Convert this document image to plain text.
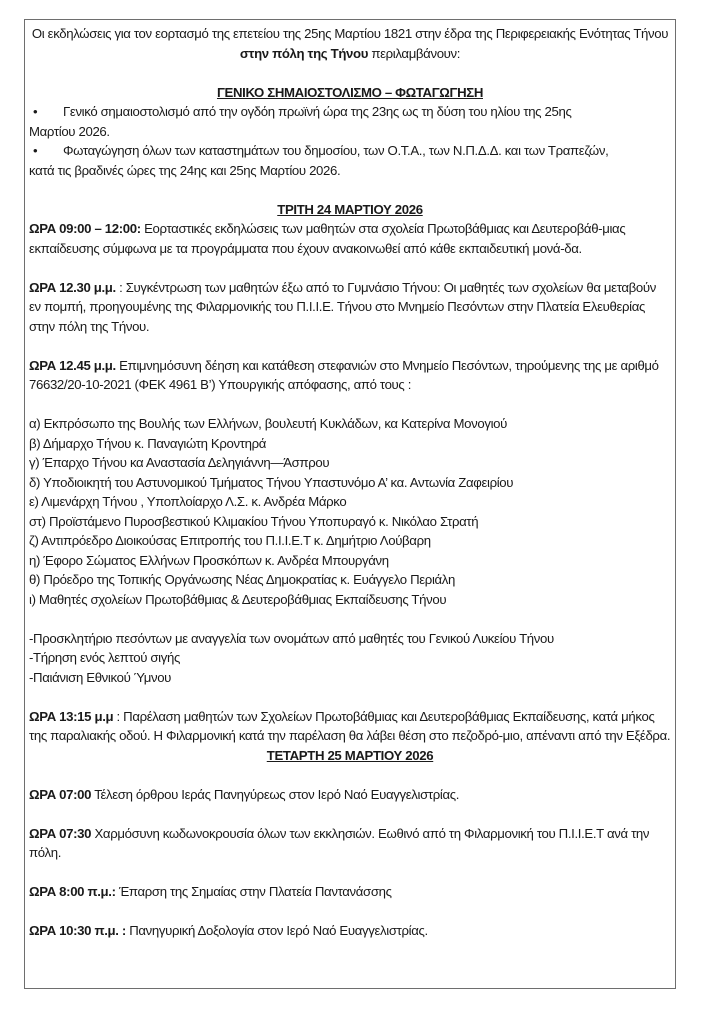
Οι εκδηλώσεις για τον εορτασμό της επετείου της 25ης Μαρτίου 1821 στην έδρα της Περιφερειακής Ενότητας Τήνου στην πόλη της Τήνου περιλαμβάνουν:

ΓΕΝΙΚΟ ΣΗΜΑΙΟΣΤΟΛΙΣΜΟ – ΦΩΤΑΓΩΓΗΣΗ

•	Γενικό σημαιοστολισμό από την ογδόη πρωϊνή ώρα της 23ης ως τη δύση του ηλίου της 25ης

Μαρτίου 2026.

•	Φωταγώγηση όλων των καταστημάτων του δημοσίου, των Ο.Τ.Α., των Ν.Π.Δ.Δ. και των Τραπεζών,

κατά τις βραδινές ώρες της 24ης και 25ης Μαρτίου 2026.

ΤΡΙΤΗ 24 ΜΑΡΤΙΟΥ 2026

ΩΡΑ 09:00 – 12:00: Εορταστικές εκδηλώσεις των μαθητών στα σχολεία Πρωτοβάθμιας και Δευτεροβάθ-μιας εκπαίδευσης σύμφωνα με τα προγράμματα που έχουν ανακοινωθεί από κάθε εκπαιδευτική μονά-δα.

ΩΡΑ 12.30 μ.μ. : Συγκέντρωση των μαθητών έξω από το Γυμνάσιο Τήνου: Οι μαθητές των σχολείων θα μεταβούν εν πομπή, προηγουμένης της Φιλαρμονικής του Π.Ι.Ι.Ε. Τήνου στο Μνημείο Πεσόντων στην Πλατεία Ελευθερίας στην πόλη της Τήνου.

ΩΡΑ 12.45 μ.μ. Επιμνημόσυνη δέηση και κατάθεση στεφανιών στο Μνημείο Πεσόντων, τηρούμενης της με αριθμό 76632/20-10-2021 (ΦΕΚ 4961 Β’) Υπουργικής απόφασης, από τους :

α) Εκπρόσωπο της Βουλής των Ελλήνων, βουλευτή Κυκλάδων, κα Κατερίνα Μονογιού

β) Δήμαρχο Τήνου κ. Παναγιώτη Κροντηρά

γ) Έπαρχο Τήνου κα Αναστασία Δεληγιάννη—Άσπρου

δ) Υποδιοικητή του Αστυνομικού Τμήματος Τήνου Υπαστυνόμο Α’ κα. Αντωνία Ζαφειρίου

ε) Λιμενάρχη Τήνου , Υποπλοίαρχο Λ.Σ. κ. Ανδρέα Μάρκο

στ) Προϊστάμενο Πυροσβεστικού Κλιμακίου Τήνου Υποπυραγό κ. Νικόλαο Στρατή

ζ) Αντιπρόεδρο Διοικούσας Επιτροπής του Π.Ι.Ι.Ε.Τ κ. Δημήτριο Λούβαρη

η) Έφορο Σώματος Ελλήνων Προσκόπων κ. Ανδρέα Μπουργάνη

θ) Πρόεδρο της Τοπικής Οργάνωσης Νέας Δημοκρατίας κ. Ευάγγελο Περιάλη

ι) Μαθητές σχολείων Πρωτοβάθμιας & Δευτεροβάθμιας Εκπαίδευσης Τήνου

-Προσκλητήριο πεσόντων με αναγγελία των ονομάτων από μαθητές του Γενικού Λυκείου Τήνου

-Τήρηση ενός λεπτού σιγής

-Παιάνιση Εθνικού Ύμνου

ΩΡΑ 13:15 μ.μ : Παρέλαση μαθητών των Σχολείων Πρωτοβάθμιας και Δευτεροβάθμιας Εκπαίδευσης, κατά μήκος της παραλιακής οδού. Η Φιλαρμονική κατά την παρέλαση θα λάβει θέση στο πεζοδρό-μιο, απέναντι από την Εξέδρα.

ΤΕΤΑΡΤΗ 25 ΜΑΡΤΙΟΥ 2026

ΩΡΑ 07:00 Τέλεση όρθρου Ιεράς Πανηγύρεως στον Ιερό Ναό Ευαγγελιστρίας.

ΩΡΑ 07:30 Χαρμόσυνη κωδωνοκρουσία όλων των εκκλησιών. Εωθινό από τη Φιλαρμονική του Π.Ι.Ι.Ε.Τ ανά την πόλη.

ΩΡΑ 8:00 π.μ.: Έπαρση της Σημαίας στην Πλατεία Παντανάσσης

ΩΡΑ 10:30 π.μ. : Πανηγυρική Δοξολογία στον Ιερό Ναό Ευαγγελιστρίας.
